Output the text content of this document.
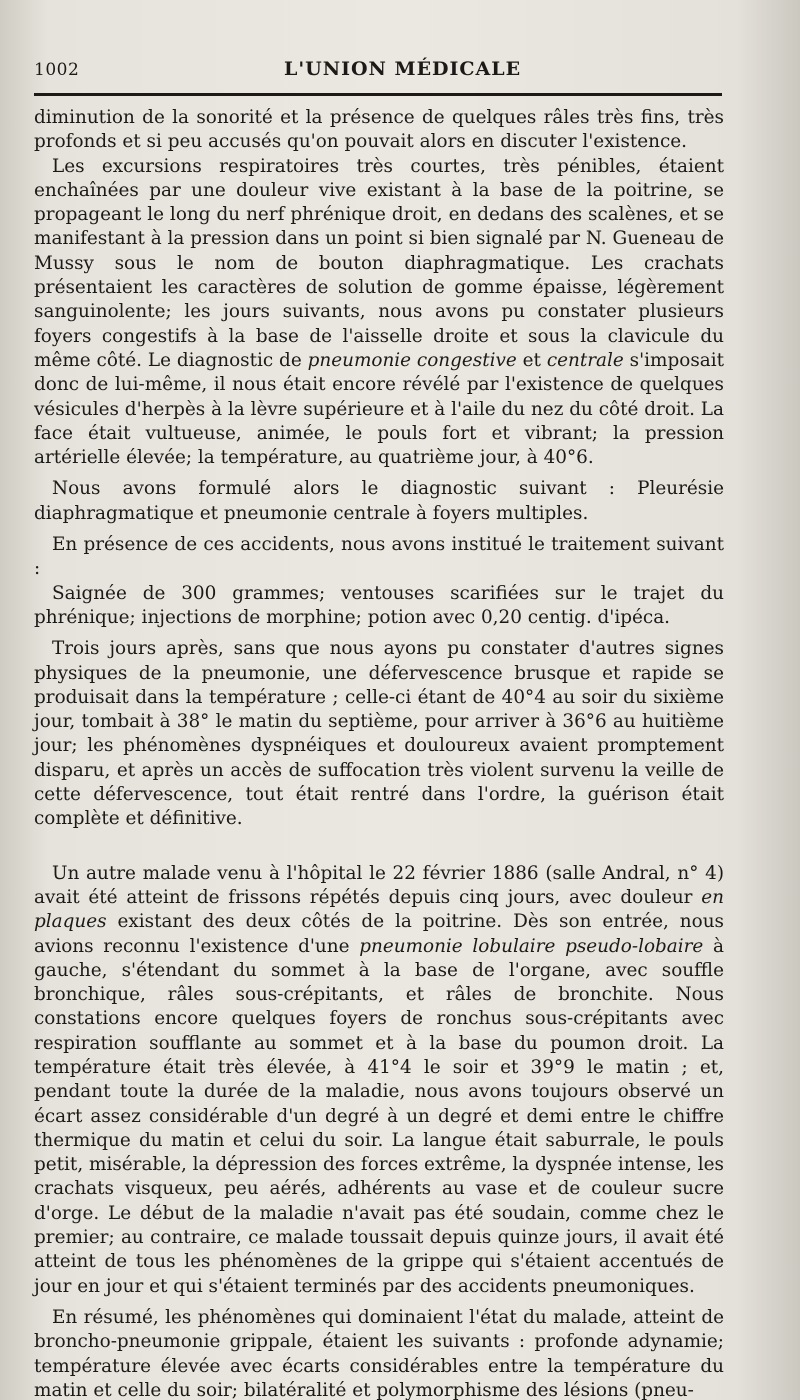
1002	L'UNION MÉDICALE

diminution de la sonorité et la présence de quelques râles très fins, très profonds et si peu accusés qu'on pouvait alors en discuter l'existence.

Les excursions respiratoires très courtes, très pénibles, étaient enchaînées par une douleur vive existant à la base de la poitrine, se propageant le long du nerf phrénique droit, en dedans des scalènes, et se manifestant à la pression dans un point si bien signalé par N. Gueneau de Mussy sous le nom de bouton diaphragmatique. Les crachats présentaient les caractères de solution de gomme épaisse, légèrement sanguinolente; les jours suivants, nous avons pu constater plusieurs foyers congestifs à la base de l'aisselle droite et sous la clavicule du même côté. Le diagnostic de pneumonie congestive et centrale s'imposait donc de lui-même, il nous était encore révélé par l'existence de quelques vésicules d'herpès à la lèvre supérieure et à l'aile du nez du côté droit. La face était vultueuse, animée, le pouls fort et vibrant; la pression artérielle élevée; la température, au quatrième jour, à 40°6.

Nous avons formulé alors le diagnostic suivant : Pleurésie diaphragmatique et pneumonie centrale à foyers multiples.

En présence de ces accidents, nous avons institué le traitement suivant :

Saignée de 300 grammes; ventouses scarifiées sur le trajet du phrénique; injections de morphine; potion avec 0,20 centig. d'ipéca.

Trois jours après, sans que nous ayons pu constater d'autres signes physiques de la pneumonie, une défervescence brusque et rapide se produisait dans la température ; celle-ci étant de 40°4 au soir du sixième jour, tombait à 38° le matin du septième, pour arriver à 36°6 au huitième jour; les phénomènes dyspnéiques et douloureux avaient promptement disparu, et après un accès de suffocation très violent survenu la veille de cette défervescence, tout était rentré dans l'ordre, la guérison était complète et définitive.

Un autre malade venu à l'hôpital le 22 février 1886 (salle Andral, n° 4) avait été atteint de frissons répétés depuis cinq jours, avec douleur en plaques existant des deux côtés de la poitrine. Dès son entrée, nous avions reconnu l'existence d'une pneumonie lobulaire pseudo-lobaire à gauche, s'étendant du sommet à la base de l'organe, avec souffle bronchique, râles sous-crépitants, et râles de bronchite. Nous constations encore quelques foyers de ronchus sous-crépitants avec respiration soufflante au sommet et à la base du poumon droit. La température était très élevée, à 41°4 le soir et 39°9 le matin ; et, pendant toute la durée de la maladie, nous avons toujours observé un écart assez considérable d'un degré à un degré et demi entre le chiffre thermique du matin et celui du soir. La langue était saburrale, le pouls petit, misérable, la dépression des forces extrême, la dyspnée intense, les crachats visqueux, peu aérés, adhérents au vase et de couleur sucre d'orge. Le début de la maladie n'avait pas été soudain, comme chez le premier; au contraire, ce malade toussait depuis quinze jours, il avait été atteint de tous les phénomènes de la grippe qui s'étaient accentués de jour en jour et qui s'étaient terminés par des accidents pneumoniques.

En résumé, les phénomènes qui dominaient l'état du malade, atteint de broncho-pneumonie grippale, étaient les suivants : profonde adynamie; température élevée avec écarts considérables entre la température du matin et celle du soir; bilatéralité et polymorphisme des lésions (pneu-
